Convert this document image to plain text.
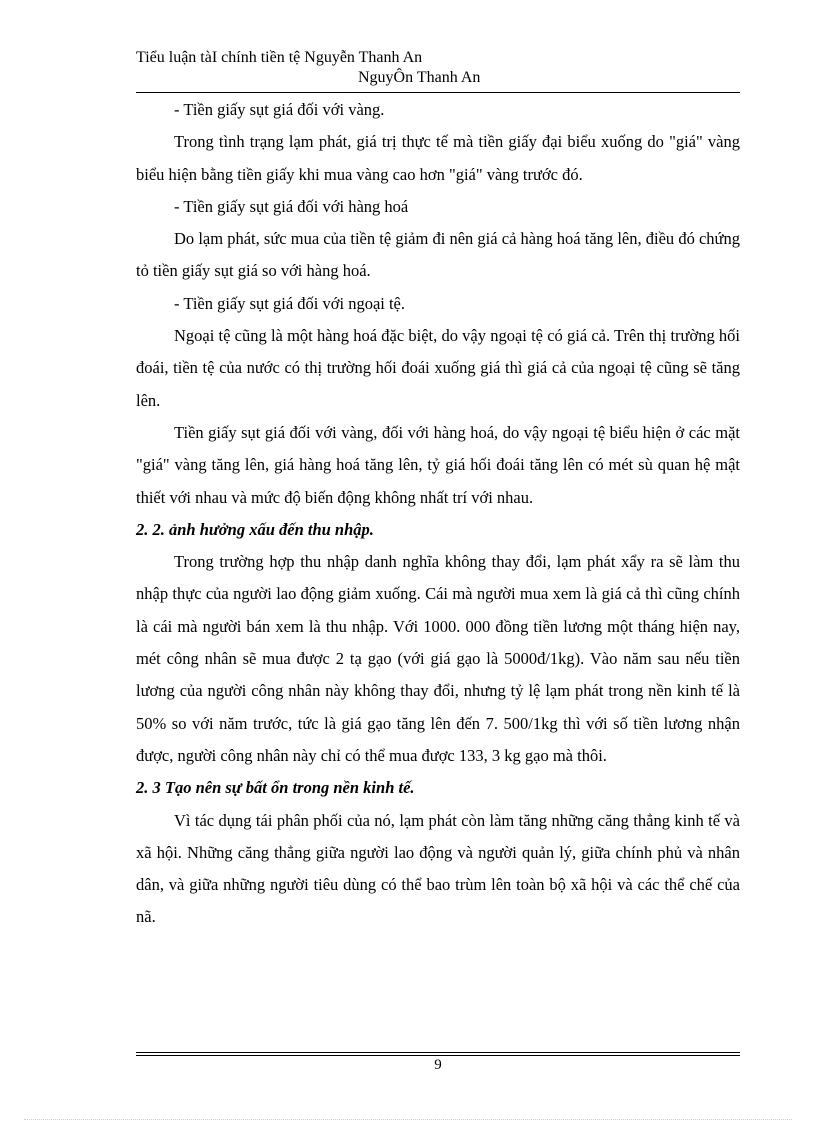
Tiểu luận tàI chính tiền tệ Nguyễn Thanh An
NguyÔn Thanh An

- Tiền giấy sụt giá đối với vàng.

Trong tình trạng lạm phát, giá trị thực tế mà tiền giấy đại biểu xuống do "giá" vàng biểu hiện bằng tiền giấy khi mua vàng cao hơn "giá" vàng trước đó.

- Tiền giấy sụt giá đối với hàng hoá

Do lạm phát, sức mua của tiền tệ giảm đi nên giá cả hàng hoá tăng lên, điều đó chứng tỏ tiền giấy sụt giá so với hàng hoá.

- Tiền giấy sụt giá đối với ngoại tệ.

Ngoại tệ cũng là một hàng hoá đặc biệt, do vậy ngoại tệ có giá cả. Trên thị trường hối đoái, tiền tệ của nước có thị trường hối đoái xuống giá thì giá cả của ngoại tệ cũng sẽ tăng lên.

Tiền giấy sụt giá đối với vàng, đối với hàng hoá, do vậy ngoại tệ biểu hiện ở các mặt "giá" vàng tăng lên, giá hàng hoá tăng lên, tỷ giá hối đoái tăng lên có mét sù quan hệ mật thiết với nhau và mức độ biến động không nhất trí với nhau.

2. 2. ảnh hưởng xấu đến thu nhập.

Trong trường hợp thu nhập danh nghĩa không thay đổi, lạm phát xẩy ra sẽ làm thu nhập thực của người lao động giảm xuống. Cái mà người mua xem là giá cả thì cũng chính là cái mà người bán xem là thu nhập. Với 1000. 000 đồng tiền lương một tháng hiện nay, mét công nhân sẽ mua được 2 tạ gạo (với giá gạo là 5000đ/1kg). Vào năm sau nếu tiền lương của người công nhân này không thay đổi, nhưng tỷ lệ lạm phát trong nền kinh tế là 50% so với năm trước, tức là giá gạo tăng lên đến 7. 500/1kg thì với số tiền lương nhận được, người công nhân này chỉ có thể mua được 133, 3 kg gạo mà thôi.

2. 3 Tạo nên sự bất ổn trong nền kinh tế.

Vì tác dụng tái phân phối của nó, lạm phát còn làm tăng những căng thẳng kinh tế và xã hội. Những căng thẳng giữa người lao động và người quản lý, giữa chính phủ và nhân dân, và giữa những người tiêu dùng có thể bao trùm lên toàn bộ xã hội và các thể chế của nã.

9
